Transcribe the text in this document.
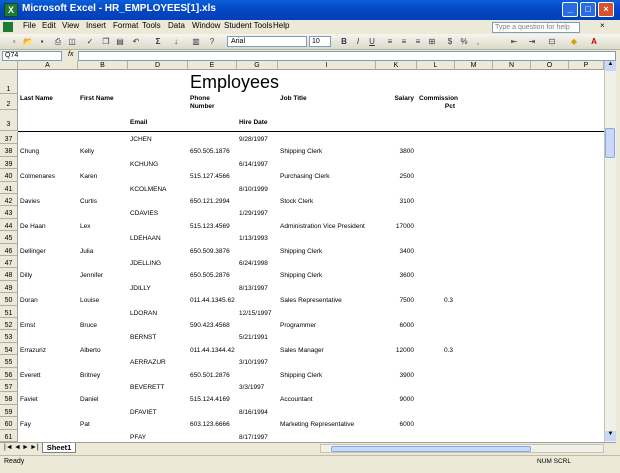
X Microsoft Excel - HR_EMPLOYEES[1].xls	_	□	×
File Edit View Insert Format Tools Data Window Student Tools Help	×
Type a question for help
▫ 📂 ▪	⎙ ◫	✓	❐ ▤	↶	Σ	↓	▥	?	B	I	U	≡	≡	≡	⊞	$	%	,	⇤	⇥	⊡	◆	A
Arial	10
Q74	fx
A	B	D	E	G	I	K	L	M	N	O	P
1
2
3
Employees
Last Name	First Name	Phone Number
Job Title	Salary Commission Pct
Email	Hire Date
37	JCHEN	9/28/1997
38	Chung	Kelly	650.505.1876	Shipping Clerk	3800
39	KCHUNG	6/14/1997
40	Colmenares	Karen	515.127.4566	Purchasing Clerk	2500
41	KCOLMENA	8/10/1999
42	Davies	Curtis	650.121.2994	Stock Clerk	3100
43	CDAVIES	1/29/1997
44	De Haan	Lex	515.123.4569	Administration Vice President	17000
45	LDEHAAN	1/13/1993
46	Dellinger	Julia	650.509.3876	Shipping Clerk	3400
47	JDELLING	6/24/1998
48	Dilly	Jennifer	650.505.2876	Shipping Clerk	3600
49	JDILLY	8/13/1997
50	Doran	Louise	011.44.1345.62	Sales Representative	7500	0.3
51	LDORAN	12/15/1997
52	Ernst	Bruce	590.423.4568	Programmer	6000
53	BERNST	5/21/1991
54	Errazuriz	Alberto	011.44.1344.42	Sales Manager	12000	0.3
55	AERRAZUR	3/10/1997
56	Everett	Britney	650.501.2876	Shipping Clerk	3900
57	BEVERETT	3/3/1997
58	Faviet	Daniel	515.124.4169	Accountant	9000
59	DFAVIET	8/16/1994
60	Fay	Pat	603.123.6666	Marketing Representative	6000
61	PFAY	8/17/1997
▲
▼
|◄ ◄ ► ►|	Sheet1
Ready	NUM SCRL
